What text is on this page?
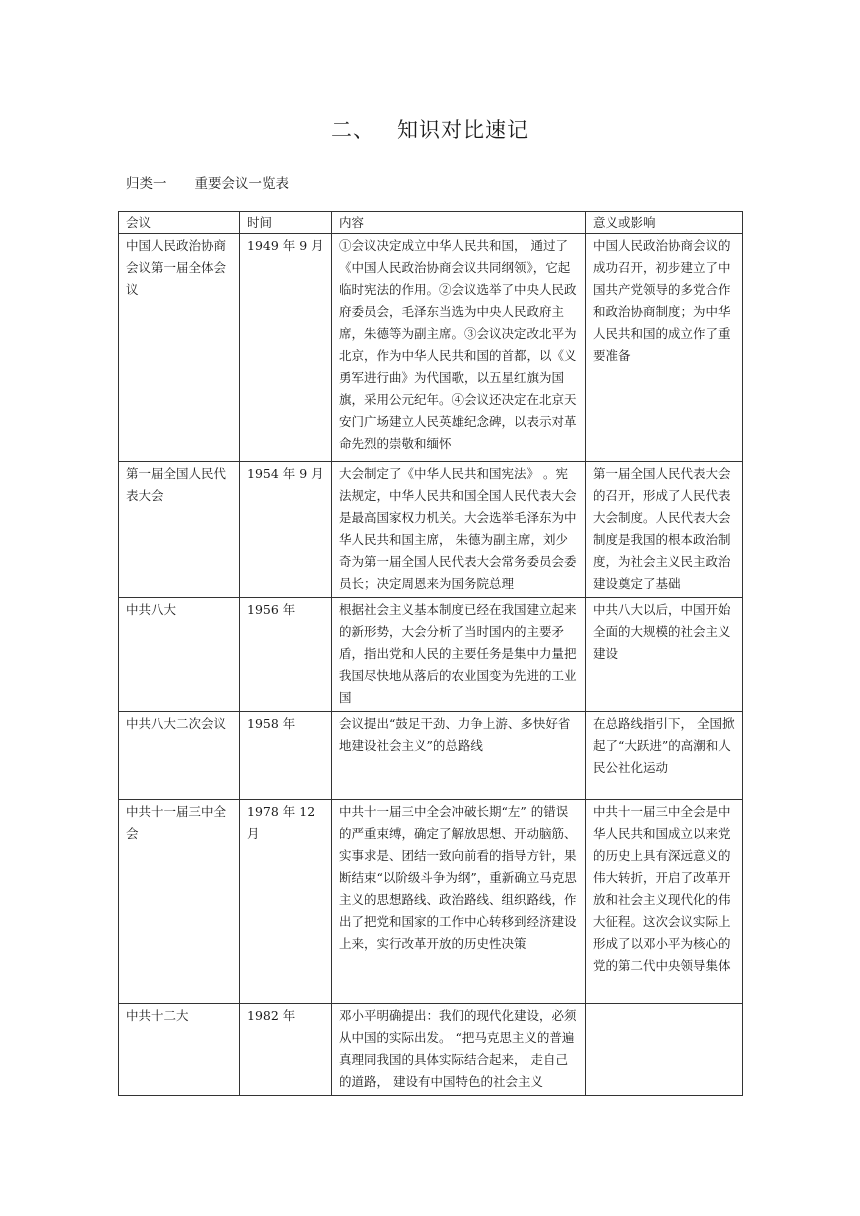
二、 知识对比速记
归类一 重要会议一览表
会议	时间	内容	意义或影响
中国人民政治协商会议第一届全体会议	1949 年 9 月	①会议决定成立中华人民共和国， 通过了《中国人民政治协商会议共同纲领》，它起临时宪法的作用。②会议选举了中央人民政府委员会，毛泽东当选为中央人民政府主席，朱德等为副主席。③会议决定改北平为北京，作为中华人民共和国的首都，以《义勇军进行曲》为代国歌，以五星红旗为国旗，采用公元纪年。④会议还决定在北京天安门广场建立人民英雄纪念碑，以表示对革命先烈的崇敬和缅怀	中国人民政治协商会议的成功召开，初步建立了中国共产党领导的多党合作和政治协商制度；为中华人民共和国的成立作了重要准备
第一届全国人民代表大会	1954 年 9 月	大会制定了《中华人民共和国宪法》 。宪法规定，中华人民共和国全国人民代表大会是最高国家权力机关。大会选举毛泽东为中华人民共和国主席， 朱德为副主席，刘少奇为第一届全国人民代表大会常务委员会委员长；决定周恩来为国务院总理	第一届全国人民代表大会的召开，形成了人民代表大会制度。人民代表大会制度是我国的根本政治制度，为社会主义民主政治建设奠定了基础
中共八大	1956 年	根据社会主义基本制度已经在我国建立起来的新形势，大会分析了当时国内的主要矛盾，指出党和人民的主要任务是集中力量把我国尽快地从落后的农业国变为先进的工业国	中共八大以后，中国开始全面的大规模的社会主义建设
中共八大二次会议	1958 年	会议提出“鼓足干劲、力争上游、多快好省地建设社会主义”的总路线	在总路线指引下， 全国掀起了“大跃进”的高潮和人民公社化运动
中共十一届三中全会	1978 年 12 月	中共十一届三中全会冲破长期“左” 的错误的严重束缚，确定了解放思想、开动脑筋、实事求是、团结一致向前看的指导方针，果断结束“以阶级斗争为纲”，重新确立马克思主义的思想路线、政治路线、组织路线，作出了把党和国家的工作中心转移到经济建设上来，实行改革开放的历史性决策	中共十一届三中全会是中华人民共和国成立以来党的历史上具有深远意义的伟大转折，开启了改革开放和社会主义现代化的伟大征程。这次会议实际上形成了以邓小平为核心的党的第二代中央领导集体
中共十二大	1982 年	邓小平明确提出：我们的现代化建设，必须从中国的实际出发。 “把马克思主义的普遍真理同我国的具体实际结合起来， 走自己的道路， 建设有中国特色的社会主义	
